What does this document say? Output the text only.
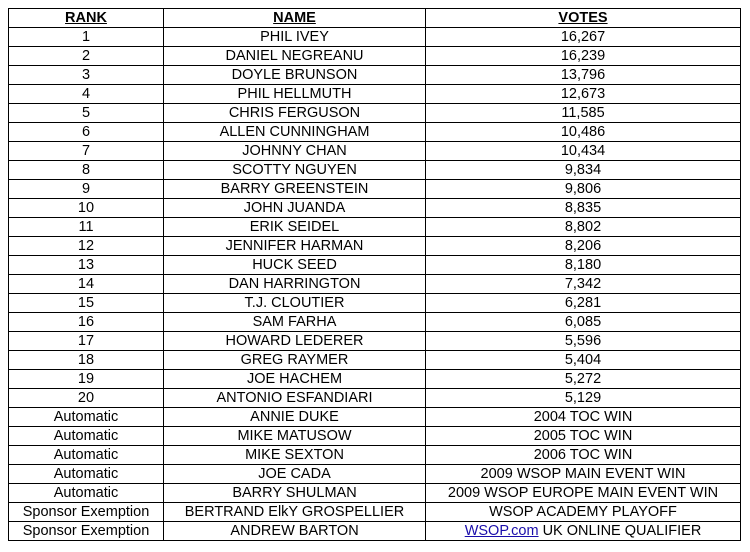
RANK	NAME	VOTES
1	PHIL IVEY	16,267
2	DANIEL NEGREANU	16,239
3	DOYLE BRUNSON	13,796
4	PHIL HELLMUTH	12,673
5	CHRIS FERGUSON	11,585
6	ALLEN CUNNINGHAM	10,486
7	JOHNNY CHAN	10,434
8	SCOTTY NGUYEN	9,834
9	BARRY GREENSTEIN	9,806
10	JOHN JUANDA	8,835
11	ERIK SEIDEL	8,802
12	JENNIFER HARMAN	8,206
13	HUCK SEED	8,180
14	DAN HARRINGTON	7,342
15	T.J. CLOUTIER	6,281
16	SAM FARHA	6,085
17	HOWARD LEDERER	5,596
18	GREG RAYMER	5,404
19	JOE HACHEM	5,272
20	ANTONIO ESFANDIARI	5,129
Automatic	ANNIE DUKE	2004 TOC WIN
Automatic	MIKE MATUSOW	2005 TOC WIN
Automatic	MIKE SEXTON	2006 TOC WIN
Automatic	JOE CADA	2009 WSOP MAIN EVENT WIN
Automatic	BARRY SHULMAN	2009 WSOP EUROPE MAIN EVENT WIN
Sponsor Exemption	BERTRAND ElkY GROSPELLIER	WSOP ACADEMY PLAYOFF
Sponsor Exemption	ANDREW BARTON	WSOP.com UK ONLINE QUALIFIER
